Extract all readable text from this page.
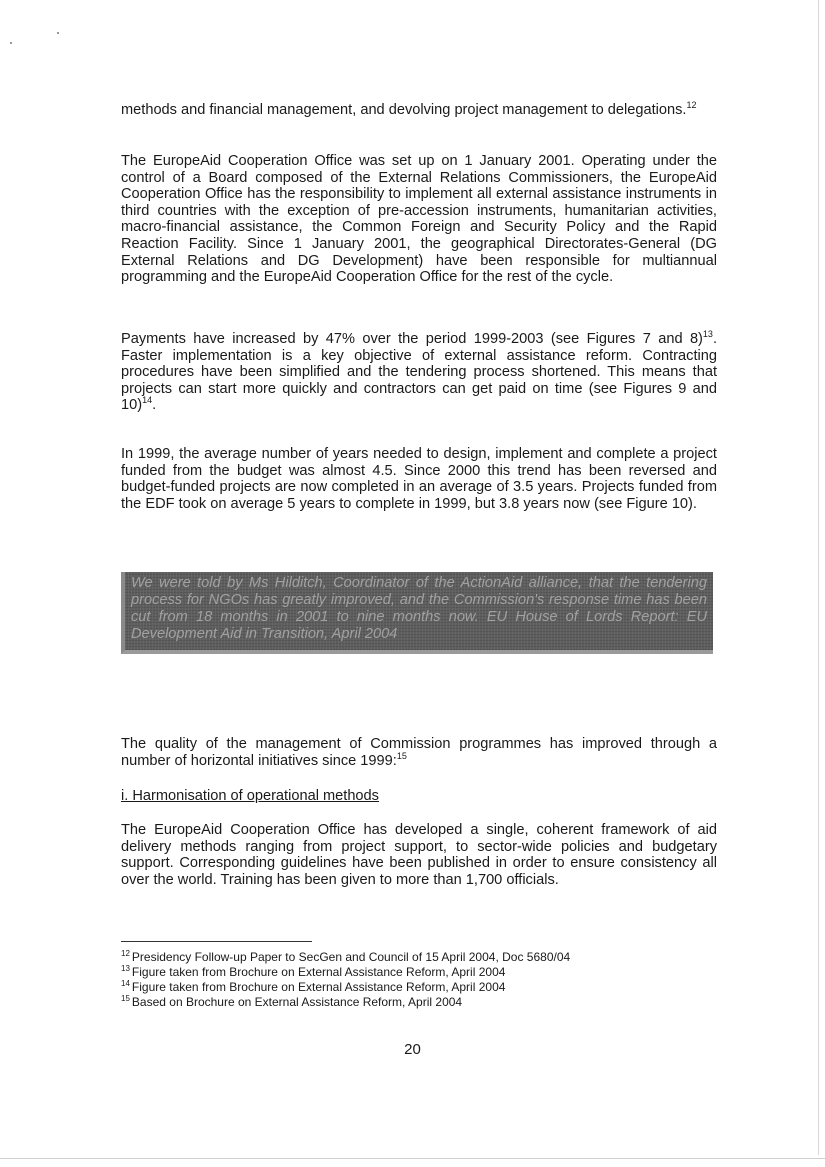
methods and financial management, and devolving project management to delegations.$^{12}$

The EuropeAid Cooperation Office was set up on 1 January 2001. Operating under the control of a Board composed of the External Relations Commissioners, the EuropeAid Cooperation Office has the responsibility to implement all external assistance instruments in third countries with the exception of pre-accession instruments, humanitarian activities, macro-financial assistance, the Common Foreign and Security Policy and the Rapid Reaction Facility. Since 1 January 2001, the geographical Directorates-General (DG External Relations and DG Development) have been responsible for multiannual programming and the EuropeAid Cooperation Office for the rest of the cycle.

Payments have increased by 47% over the period 1999-2003 (see Figures 7 and 8)$^{13}$. Faster implementation is a key objective of external assistance reform. Contracting procedures have been simplified and the tendering process shortened. This means that projects can start more quickly and contractors can get paid on time (see Figures 9 and 10)$^{14}$.

In 1999, the average number of years needed to design, implement and complete a project funded from the budget was almost 4.5. Since 2000 this trend has been reversed and budget-funded projects are now completed in an average of 3.5 years. Projects funded from the EDF took on average 5 years to complete in 1999, but 3.8 years now (see Figure 10).

We were told by Ms Hilditch, Coordinator of the ActionAid alliance, that the tendering process for NGOs has greatly improved, and the Commission's response time has been cut from 18 months in 2001 to nine months now. EU House of Lords Report: EU Development Aid in Transition, April 2004

The quality of the management of Commission programmes has improved through a number of horizontal initiatives since 1999:$^{15}$

i. Harmonisation of operational methods

The EuropeAid Cooperation Office has developed a single, coherent framework of aid delivery methods ranging from project support, to sector-wide policies and budgetary support. Corresponding guidelines have been published in order to ensure consistency all over the world. Training has been given to more than 1,700 officials.

$^{12}$ Presidency Follow-up Paper to SecGen and Council of 15 April 2004, Doc 5680/04
$^{13}$ Figure taken from Brochure on External Assistance Reform, April 2004
$^{14}$ Figure taken from Brochure on External Assistance Reform, April 2004
$^{15}$ Based on Brochure on External Assistance Reform, April 2004

20
